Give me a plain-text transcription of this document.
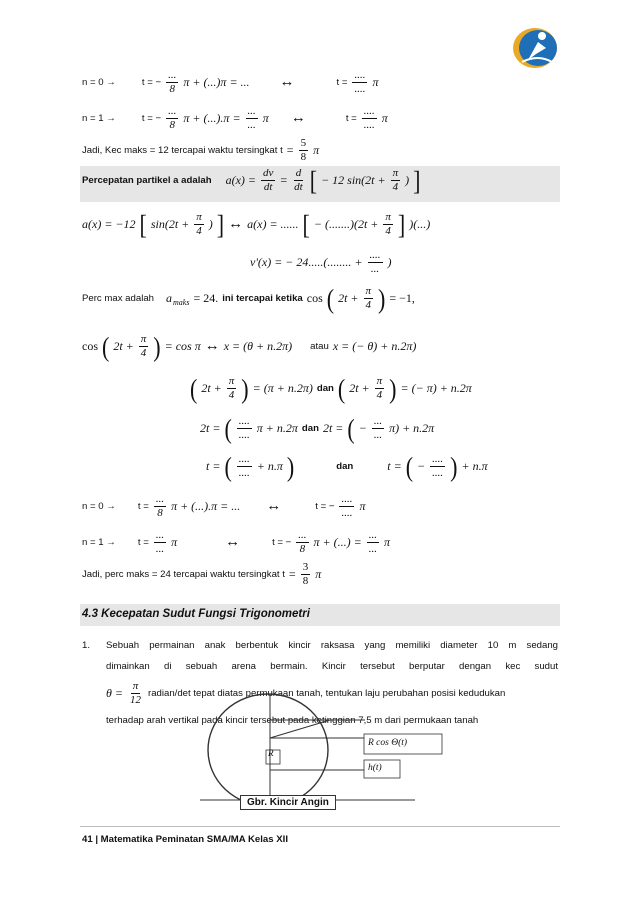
n = 0 →	t = − $\frac{...}{8}$ π + (...)π = ... ↔	$t = \frac{....}{....}$ π
n = 1 →	t = − $\frac{...}{8}$ $\pi + (...).\pi = \frac{...}{...}$ π ↔	$t = \frac{....}{....}$ π
Jadi, Kec maks = 12 tercapai waktu tersingkat $t = \frac{5}{8}$ π
Percepatan partikel a adalah $a(x) = \frac{dv}{dt} = \frac{d}{dt}$ [ − 12 $\sin(2t + \frac{\pi}{4}$ ) ]
a(x) = −12 [ $\sin(2t + \frac{\pi}{4}$ ) ] ↔ a(x) = ...... [ − $(.......)(2t + \frac{\pi}{4}$ ] )(...)
v'(x) = − 24.....(........ + $\frac{....}{...}$ )
Perc max adalah a maks = 24. ini tercapai ketika cos ( $2t + \frac{\pi}{4}$ ) = −1,
cos ( $2t + \frac{\pi}{4}$ ) = cos π ↔ x = (θ + n.2π) atau x = (− θ) + n.2π)
( $2t + \frac{\pi}{4}$ ) = (π + n.2π) dan ( $2t + \frac{\pi}{4}$ ) = (− π) + n.2π
2t = ( $\frac{....}{....}$ π + n.2π dan 2t = ( − $\frac{...}{...} \pi) + n.2\pi$
t = ( $\frac{....}{....} + n.\pi$ )	dan	t = ( − $\frac{....}{....}$ ) + n.π
$n = 0 \to t = \frac{...}{8}$ π + (...).π = ... ↔	t = − $\frac{....}{....}$ π
$n = 1 \to t = \frac{...}{...}$ π	↔	t = − $\frac{...}{8}$ π + (...) = $\frac{...}{...}$ π
Jadi, perc maks = 24 tercapai waktu tersingkat $t = \frac{3}{8}$ π
4.3 Kecepatan Sudut Fungsi Trigonometri
1. Sebuah permainan anak berbentuk kincir raksasa yang memiliki diameter 10 m sedang
dimainkan di sebuah arena bermain. Kincir tersebut berputar dengan kec sudut
$\theta = \frac{\pi}{12}$ radian/det tepat diatas permukaan tanah, tentukan laju perubahan posisi kedudukan
terhadap arah vertikal pada kincir tersebut pada ketinggian 7,5 m dari permukaan tanah
R
R cos Θ(t)
h(t)
Gbr. Kincir Angin
41 | Matematika Peminatan SMA/MA Kelas XII
